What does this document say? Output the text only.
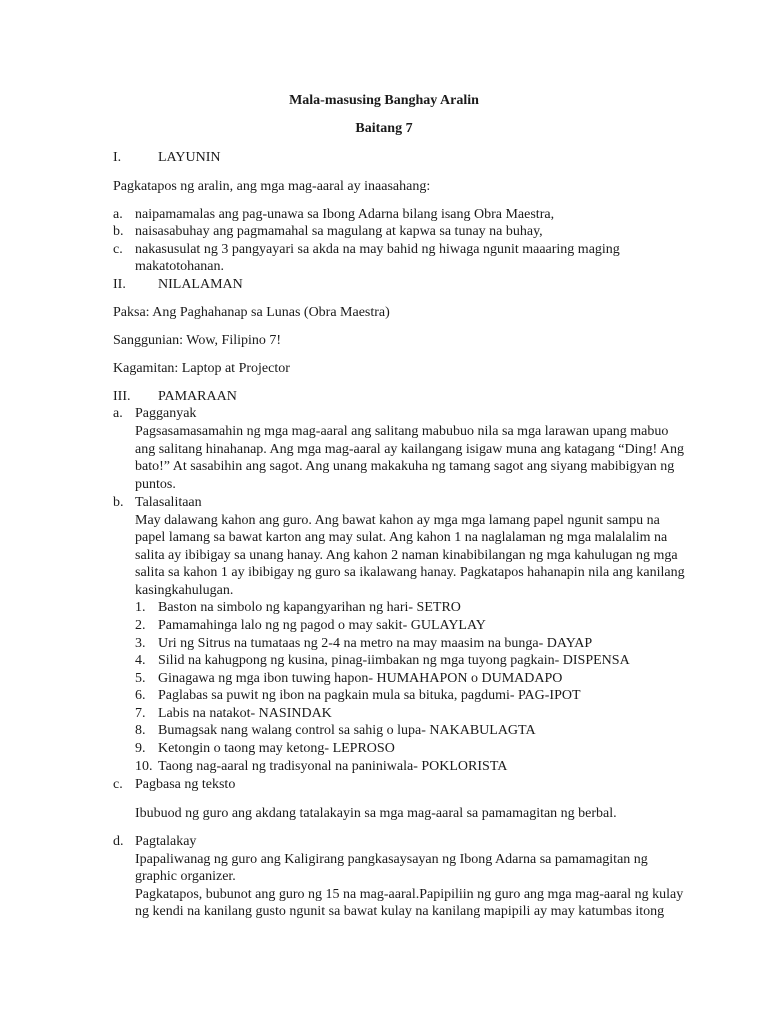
Mala-masusing Banghay Aralin
Baitang 7
I.	LAYUNIN
Pagkatapos ng aralin, ang mga mag-aaral ay inaasahang:
a. naipamamalas ang pag-unawa sa Ibong Adarna bilang isang Obra Maestra,
b. naisasabuhay ang pagmamahal sa magulang at kapwa sa tunay na buhay,
c. nakasusulat ng 3 pangyayari sa akda na may bahid ng hiwaga ngunit maaaring maging
makatotohanan.
II. NILALAMAN
Paksa: Ang Paghahanap sa Lunas (Obra Maestra)
Sanggunian: Wow, Filipino 7!
Kagamitan: Laptop at Projector
III. PAMARAAN
a. Pagganyak
Pagsasamasamahin ng mga mag-aaral ang salitang mabubuo nila sa mga larawan upang mabuo
ang salitang hinahanap. Ang mga mag-aaral ay kailangang isigaw muna ang katagang “Ding! Ang
bato!” At sasabihin ang sagot. Ang unang makakuha ng tamang sagot ang siyang mabibigyan ng
puntos.
b. Talasalitaan
May dalawang kahon ang guro. Ang bawat kahon ay mga mga lamang papel ngunit sampu na
papel lamang sa bawat karton ang may sulat. Ang kahon 1 na naglalaman ng mga malalalim na
salita ay ibibigay sa unang hanay. Ang kahon 2 naman kinabibilangan ng mga kahulugan ng mga
salita sa kahon 1 ay ibibigay ng guro sa ikalawang hanay. Pagkatapos hahanapin nila ang kanilang
kasingkahulugan.
1. Baston na simbolo ng kapangyarihan ng hari- SETRO
2. Pamamahinga lalo ng ng pagod o may sakit- GULAYLAY
3. Uri ng Sitrus na tumataas ng 2-4 na metro na may maasim na bunga- DAYAP
4. Silid na kahugpong ng kusina, pinag-iimbakan ng mga tuyong pagkain- DISPENSA
5. Ginagawa ng mga ibon tuwing hapon- HUMAHAPON o DUMADAPO
6. Paglabas sa puwit ng ibon na pagkain mula sa bituka, pagdumi- PAG-IPOT
7. Labis na natakot- NASINDAK
8. Bumagsak nang walang control sa sahig o lupa- NAKABULAGTA
9. Ketongin o taong may ketong- LEPROSO
10. Taong nag-aaral ng tradisyonal na paniniwala- POKLORISTA
c. Pagbasa ng teksto
Ibubuod ng guro ang akdang tatalakayin sa mga mag-aaral sa pamamagitan ng berbal.
d. Pagtalakay
Ipapaliwanag ng guro ang Kaligirang pangkasaysayan ng Ibong Adarna sa pamamagitan ng
graphic organizer.
Pagkatapos, bubunot ang guro ng 15 na mag-aaral.Papipiliin ng guro ang mga mag-aaral ng kulay
ng kendi na kanilang gusto ngunit sa bawat kulay na kanilang mapipili ay may katumbas itong
